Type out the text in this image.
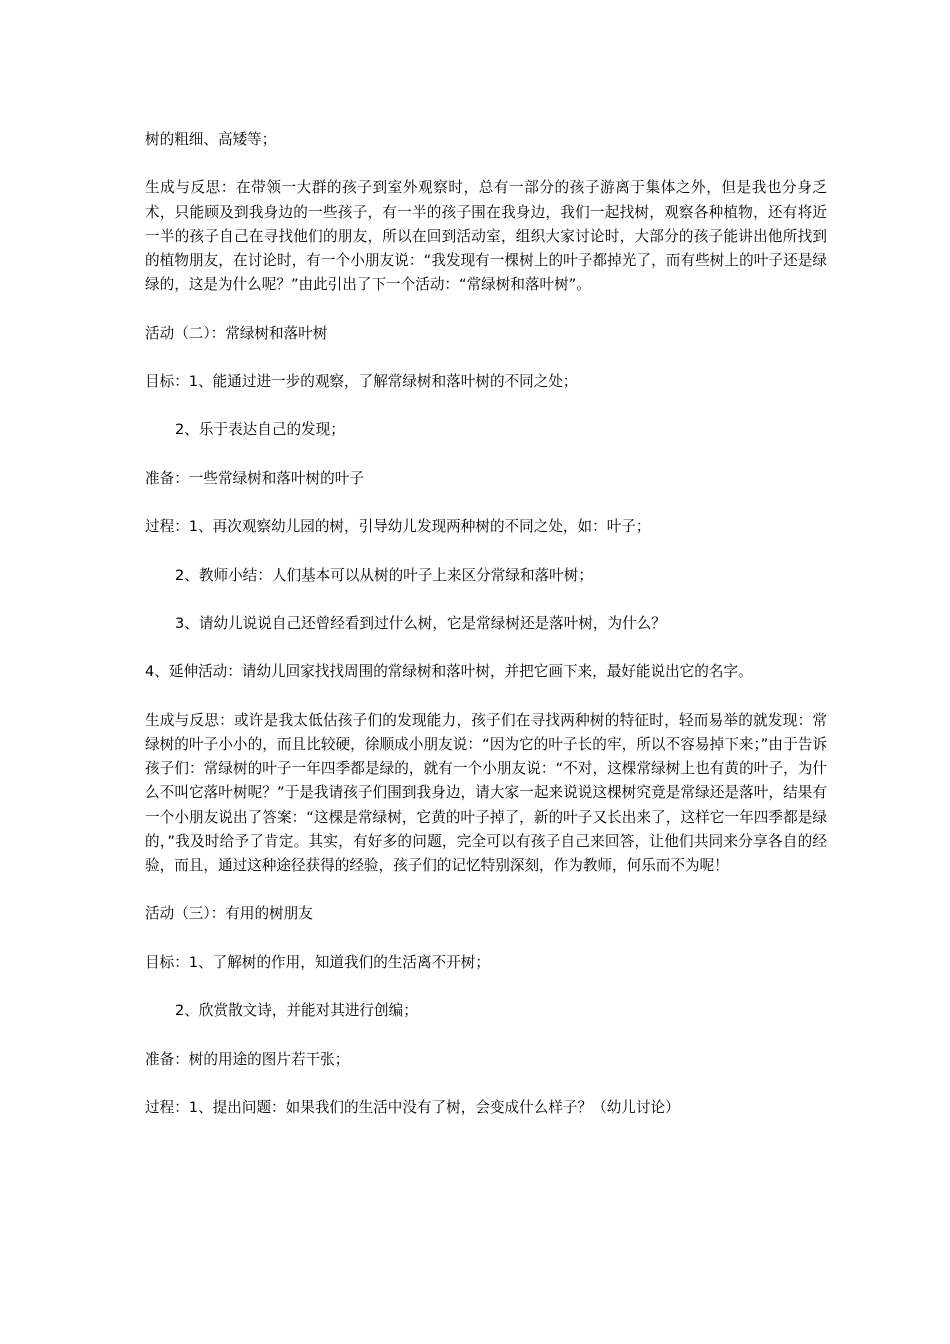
树的粗细、高矮等；

生成与反思：在带领一大群的孩子到室外观察时，总有一部分的孩子游离于集体之外，但是我也分身乏术，只能顾及到我身边的一些孩子，有一半的孩子围在我身边，我们一起找树，观察各种植物，还有将近一半的孩子自己在寻找他们的朋友，所以在回到活动室，组织大家讨论时，大部分的孩子能讲出他所找到的植物朋友，在讨论时，有一个小朋友说：“我发现有一棵树上的叶子都掉光了，而有些树上的叶子还是绿绿的，这是为什么呢？”由此引出了下一个活动：“常绿树和落叶树”。

活动（二）：常绿树和落叶树

目标：1、能通过进一步的观察，了解常绿树和落叶树的不同之处；

2、乐于表达自己的发现；

准备：一些常绿树和落叶树的叶子

过程：1、再次观察幼儿园的树，引导幼儿发现两种树的不同之处，如：叶子；

2、教师小结：人们基本可以从树的叶子上来区分常绿和落叶树；

3、请幼儿说说自己还曾经看到过什么树，它是常绿树还是落叶树，为什么？

4、延伸活动：请幼儿回家找找周围的常绿树和落叶树，并把它画下来，最好能说出它的名字。

生成与反思：或许是我太低估孩子们的发现能力，孩子们在寻找两种树的特征时，轻而易举的就发现：常绿树的叶子小小的，而且比较硬，徐顺成小朋友说：“因为它的叶子长的牢，所以不容易掉下来；”由于告诉孩子们：常绿树的叶子一年四季都是绿的，就有一个小朋友说：“不对，这棵常绿树上也有黄的叶子，为什么不叫它落叶树呢？”于是我请孩子们围到我身边，请大家一起来说说这棵树究竟是常绿还是落叶，结果有一个小朋友说出了答案：“这棵是常绿树，它黄的叶子掉了，新的叶子又长出来了，这样它一年四季都是绿的，”我及时给予了肯定。其实，有好多的问题，完全可以有孩子自己来回答，让他们共同来分享各自的经验，而且，通过这种途径获得的经验，孩子们的记忆特别深刻，作为教师，何乐而不为呢！

活动（三）：有用的树朋友

目标：1、了解树的作用，知道我们的生活离不开树；

2、欣赏散文诗，并能对其进行创编；

准备：树的用途的图片若干张；

过程：1、提出问题：如果我们的生活中没有了树，会变成什么样子？（幼儿讨论）
